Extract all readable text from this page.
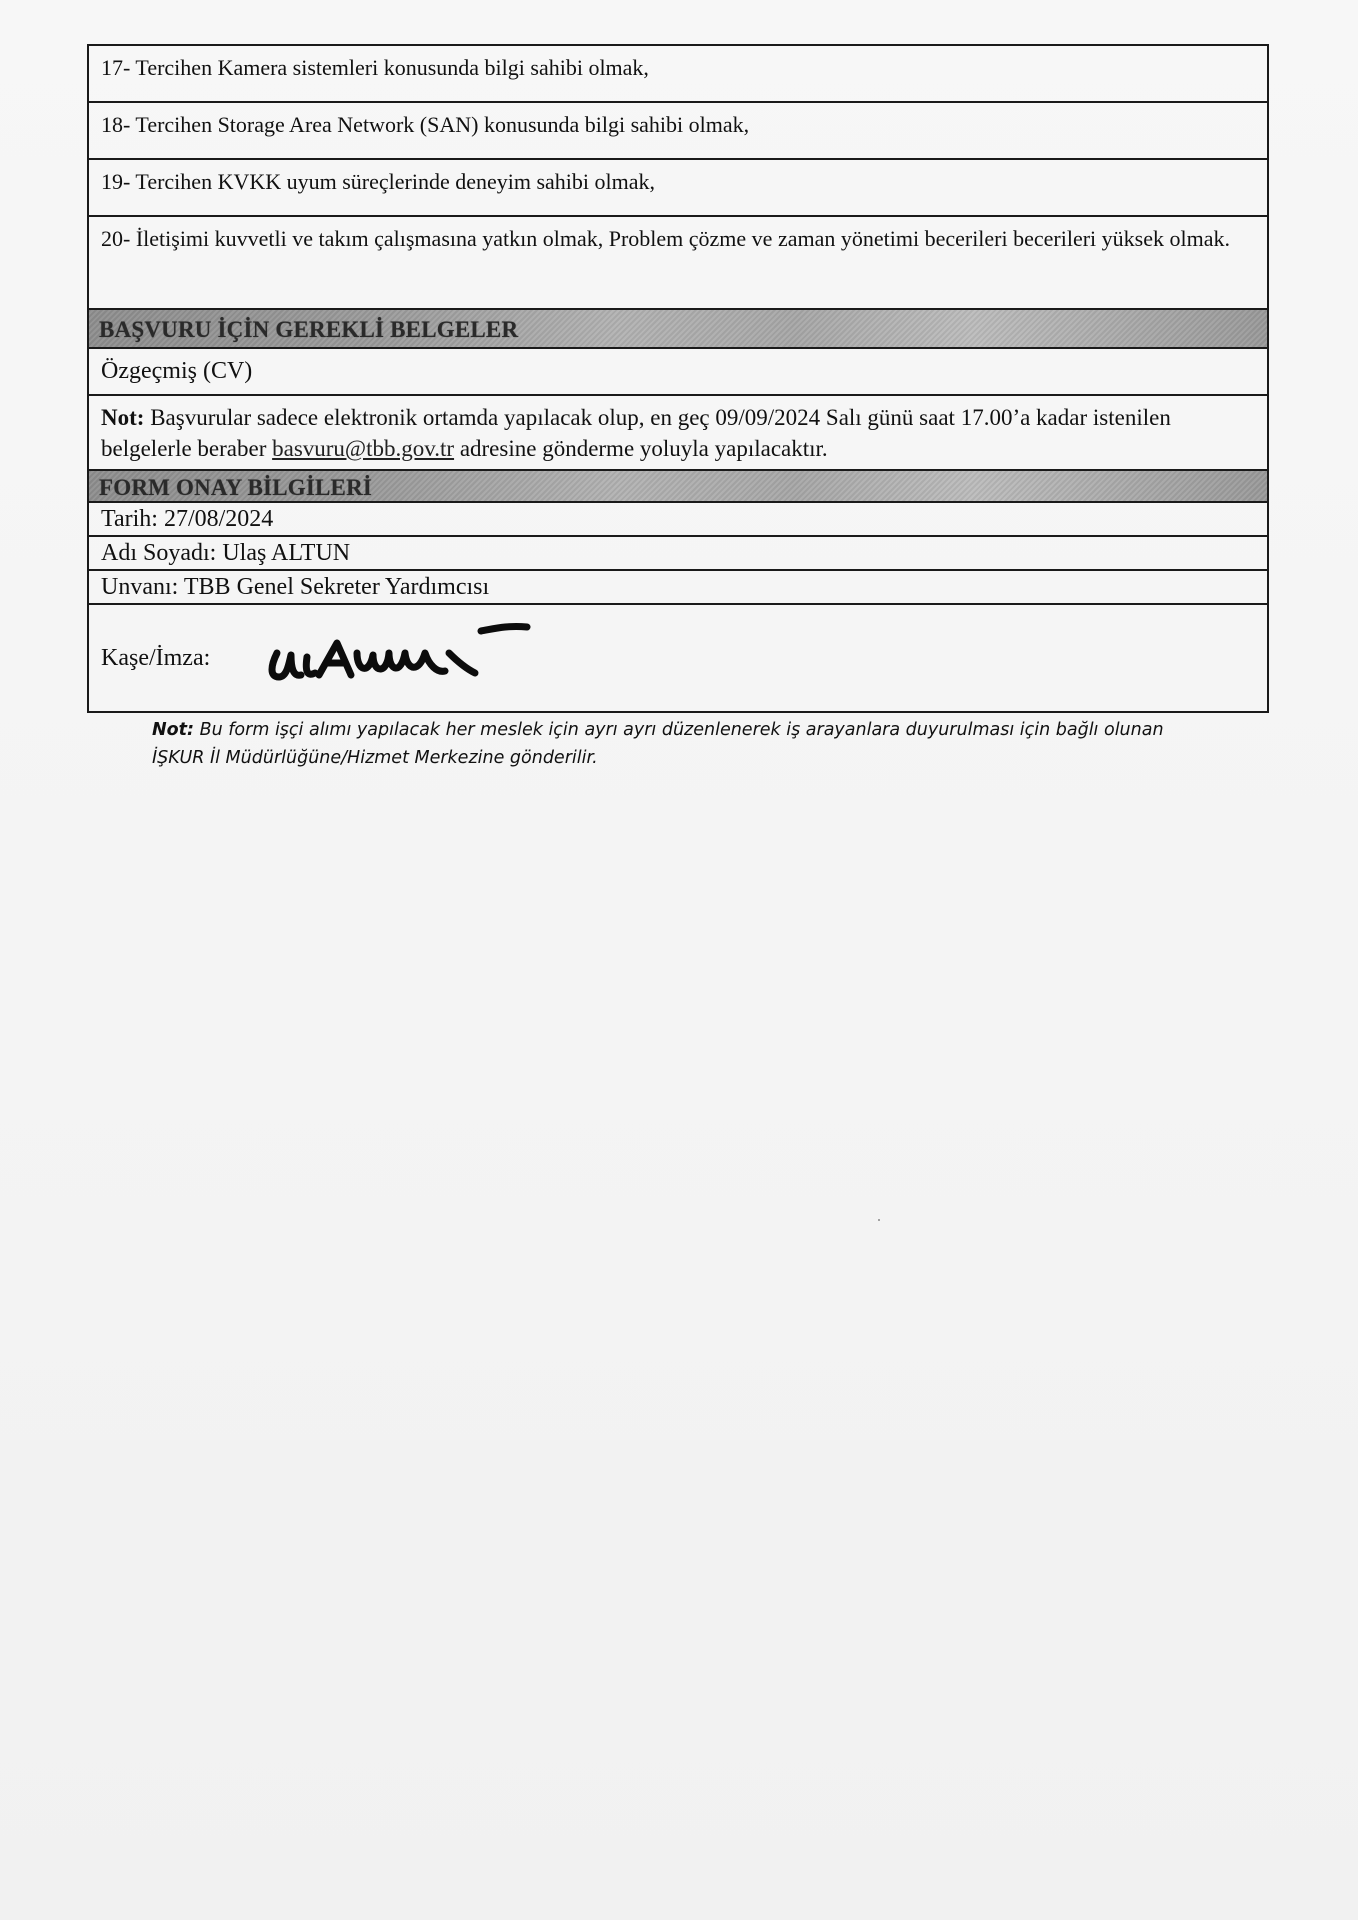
17- Tercihen Kamera sistemleri konusunda bilgi sahibi olmak,
18- Tercihen Storage Area Network (SAN) konusunda bilgi sahibi olmak,
19- Tercihen KVKK uyum süreçlerinde deneyim sahibi olmak,
20- İletişimi kuvvetli ve takım çalışmasına yatkın olmak, Problem çözme ve zaman yönetimi becerileri becerileri yüksek olmak.
BAŞVURU İÇİN GEREKLİ BELGELER
Özgeçmiş (CV)
Not: Başvurular sadece elektronik ortamda yapılacak olup, en geç 09/09/2024 Salı günü saat 17.00’a kadar istenilen belgelerle beraber basvuru@tbb.gov.tr adresine gönderme yoluyla yapılacaktır.
FORM ONAY BİLGİLERİ
Tarih: 27/08/2024
Adı Soyadı: Ulaş ALTUN
Unvanı: TBB Genel Sekreter Yardımcısı
Kaşe/İmza:
Not: Bu form işçi alımı yapılacak her meslek için ayrı ayrı düzenlenerek iş arayanlara duyurulması için bağlı olunan İŞKUR İl Müdürlüğüne/Hizmet Merkezine gönderilir.
